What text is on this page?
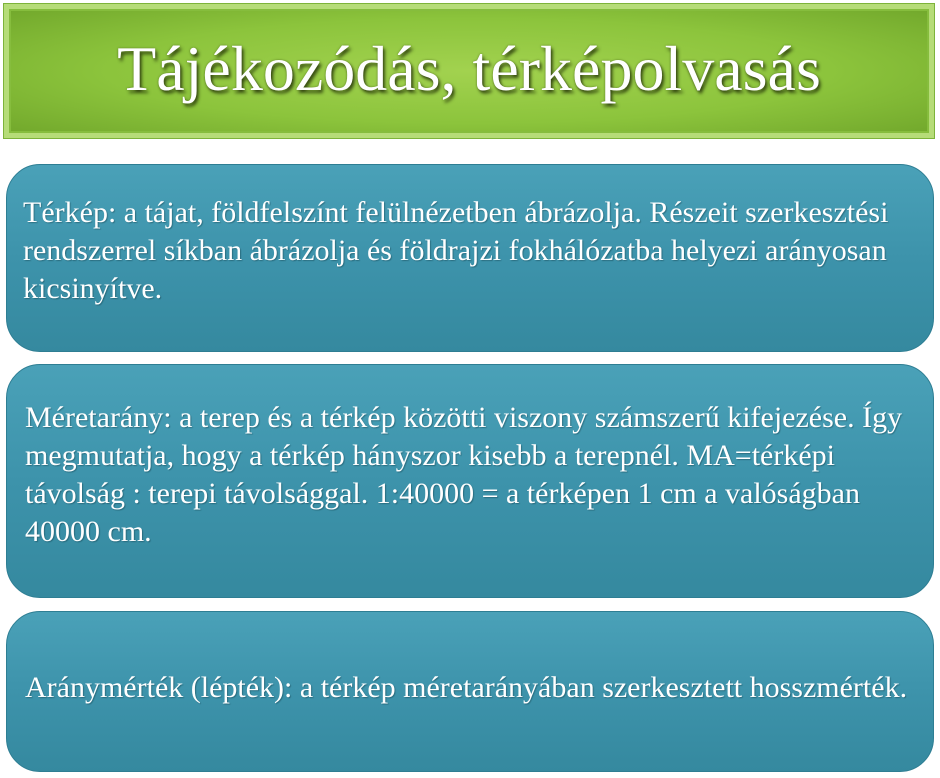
Tájékozódás, térképolvasás

Térkép: a tájat, földfelszínt felülnézetben ábrázolja. Részeit szerkesztési rendszerrel síkban ábrázolja és földrajzi fokhálózatba helyezi arányosan kicsinyítve.

Méretarány: a terep és a térkép közötti viszony számszerű kifejezése. Így megmutatja, hogy a térkép hányszor kisebb a terepnél. MA=térképi távolság : terepi távolsággal. 1:40000 = a térképen 1 cm a valóságban 40000 cm.

Aránymérték (lépték): a térkép méretarányában szerkesztett hosszmérték.
